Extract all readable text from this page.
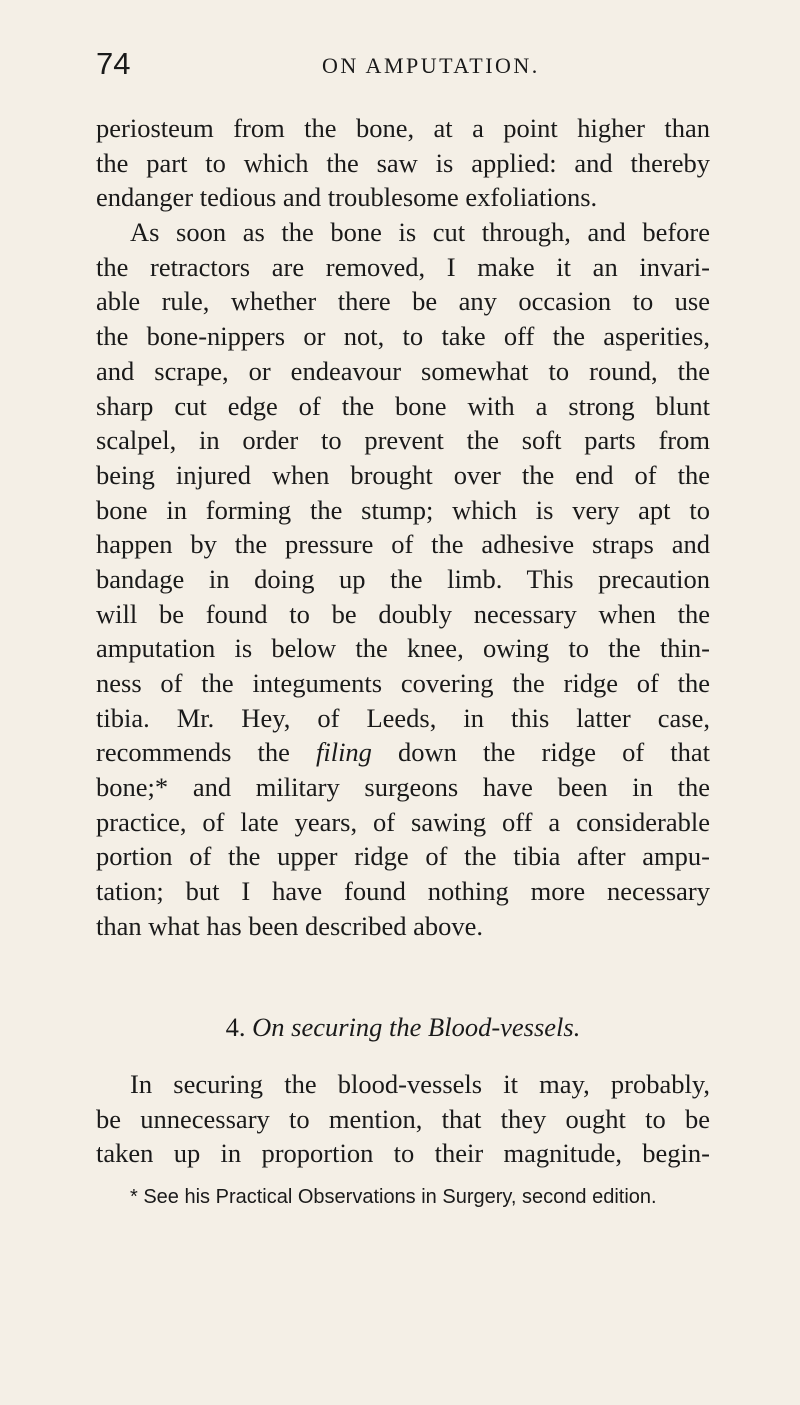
74	ON AMPUTATION.
periosteum from the bone, at a point higher than
the part to which the saw is applied: and thereby
endanger tedious and troublesome exfoliations.
As soon as the bone is cut through, and before
the retractors are removed, I make it an invari-
able rule, whether there be any occasion to use
the bone-nippers or not, to take off the asperities,
and scrape, or endeavour somewhat to round, the
sharp cut edge of the bone with a strong blunt
scalpel, in order to prevent the soft parts from
being injured when brought over the end of the
bone in forming the stump; which is very apt to
happen by the pressure of the adhesive straps and
bandage in doing up the limb. This precaution
will be found to be doubly necessary when the
amputation is below the knee, owing to the thin-
ness of the integuments covering the ridge of the
tibia. Mr. Hey, of Leeds, in this latter case,
recommends the filing down the ridge of that
bone;* and military surgeons have been in the
practice, of late years, of sawing off a considerable
portion of the upper ridge of the tibia after ampu-
tation; but I have found nothing more necessary
than what has been described above.
4. On securing the Blood-vessels.
In securing the blood-vessels it may, probably,
be unnecessary to mention, that they ought to be
taken up in proportion to their magnitude, begin-
* See his Practical Observations in Surgery, second edition.
